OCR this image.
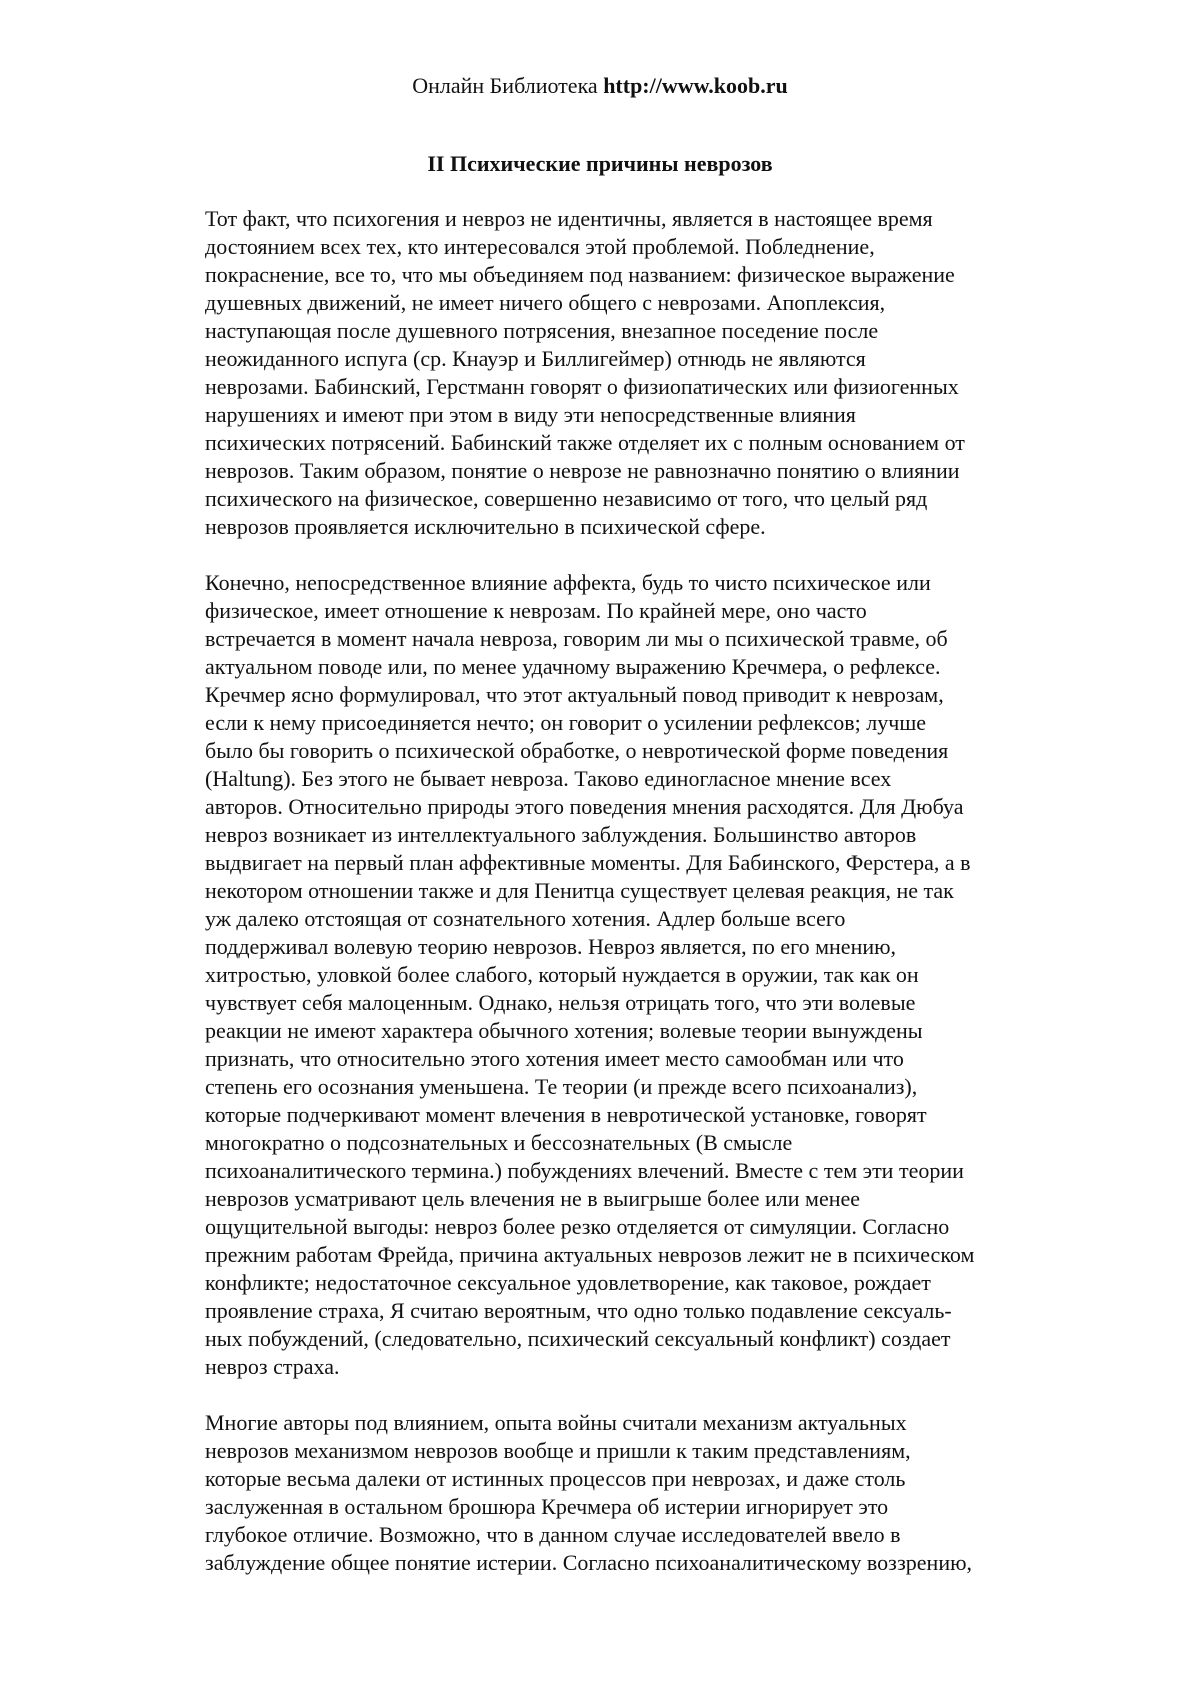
Онлайн Библиотека http://www.koob.ru
II Психические причины неврозов
Тот факт, что психогения и невроз не идентичны, является в настоящее время
достоянием всех тех, кто интересовался этой проблемой. Побледнение,
покраснение, все то, что мы объединяем под названием: физическое выражение
душевных движений, не имеет ничего общего с неврозами. Апоплексия,
наступающая после душевного потрясения, внезапное поседение после
неожиданного испуга (ср. Кнауэр и Биллигеймер) отнюдь не являются
неврозами. Бабинский, Герстманн говорят о физиопатических или физиогенных
нарушениях и имеют при этом в виду эти непосредственные влияния
психических потрясений. Бабинский также отделяет их с полным основанием от
неврозов. Таким образом, понятие о неврозе не равнозначно понятию о влиянии
психического на физическое, совершенно независимо от того, что целый ряд
неврозов проявляется исключительно в психической сфере.
Конечно, непосредственное влияние аффекта, будь то чисто психическое или
физическое, имеет отношение к неврозам. По крайней мере, оно часто
встречается в момент начала невроза, говорим ли мы о психической травме, об
актуальном поводе или, по менее удачному выражению Кречмера, о рефлексе.
Кречмер ясно формулировал, что этот актуальный повод приводит к неврозам,
если к нему присоединяется нечто; он говорит о усилении рефлексов; лучше
было бы говорить о психической обработке, о невротической форме поведения
(Haltung). Без этого не бывает невроза. Таково единогласное мнение всех
авторов. Относительно природы этого поведения мнения расходятся. Для Дюбуа
невроз возникает из интеллектуального заблуждения. Большинство авторов
выдвигает на первый план аффективные моменты. Для Бабинского, Ферстера, а в
некотором отношении также и для Пенитца существует целевая реакция, не так
уж далеко отстоящая от сознательного хотения. Адлер больше всего
поддерживал волевую теорию неврозов. Невроз является, по его мнению,
хитростью, уловкой более слабого, который нуждается в оружии, так как он
чувствует себя малоценным. Однако, нельзя отрицать того, что эти волевые
реакции не имеют характера обычного хотения; волевые теории вынуждены
признать, что относительно этого хотения имеет место самообман или что
степень его осознания уменьшена. Те теории (и прежде всего психоанализ),
которые подчеркивают момент влечения в невротической установке, говорят
многократно о подсознательных и бессознательных (В смысле
психоаналитического термина.) побуждениях влечений. Вместе с тем эти теории
неврозов усматривают цель влечения не в выигрыше более или менее
ощущительной выгоды: невроз более резко отделяется от симуляции. Согласно
прежним работам Фрейда, причина актуальных неврозов лежит не в психическом
конфликте; недостаточное сексуальное удовлетворение, как таковое, рождает
проявление страха, Я считаю вероятным, что одно только подавление сексуаль-
ных побуждений, (следовательно, психический сексуальный конфликт) создает
невроз страха.
Многие авторы под влиянием, опыта войны считали механизм актуальных
неврозов механизмом неврозов вообще и пришли к таким представлениям,
которые весьма далеки от истинных процессов при неврозах, и даже столь
заслуженная в остальном брошюра Кречмера об истерии игнорирует это
глубокое отличие. Возможно, что в данном случае исследователей ввело в
заблуждение общее понятие истерии. Согласно психоаналитическому воззрению,
